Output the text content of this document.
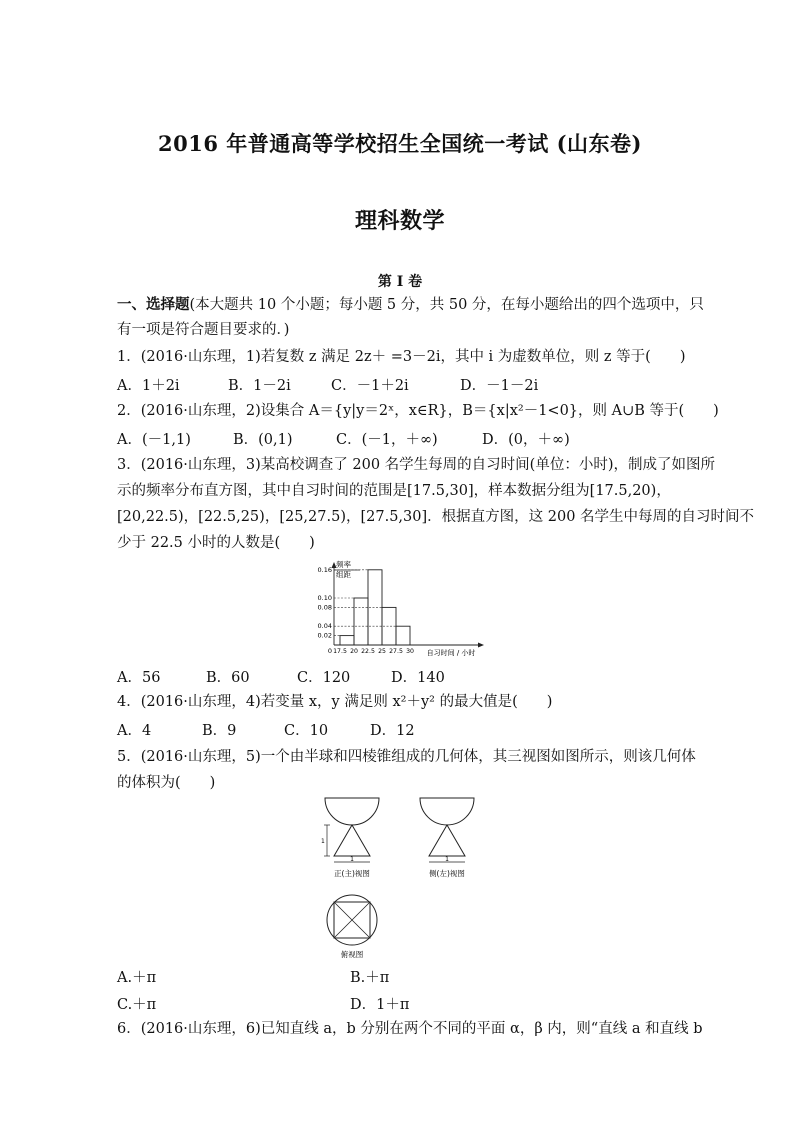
2016 年普通高等学校招生全国统一考试 (山东卷)
理科数学
第 Ⅰ 卷
一、选择题(本大题共 10 个小题；每小题 5 分，共 50 分，在每小题给出的四个选项中，只
有一项是符合题目要求的．)
1．(2016·山东理，1)若复数 z 满足 2z＋ =3－2i，其中 i 为虚数单位，则 z 等于(　　)
A．1＋2i	B．1－2i	C．－1＋2i	D．－1－2i
2．(2016·山东理，2)设集合 A＝{y|y＝2ˣ，x∈R}，B＝{x|x²－1<0}，则 A∪B 等于(　　)
A．(－1,1)	B．(0,1)	C．(－1，＋∞)	D．(0，＋∞)
3．(2016·山东理，3)某高校调查了 200 名学生每周的自习时间(单位：小时)，制成了如图所
示的频率分布直方图，其中自习时间的范围是[17.5,30]，样本数据分组为[17.5,20)，
[20,22.5)，[22.5,25)，[25,27.5)，[27.5,30]．根据直方图，这 200 名学生中每周的自习时间不
少于 22.5 小时的人数是(　　)
频率
组距
自习时间 / 小时
0
0.16
0.10
0.08
0.04
0.02
17.5 20 22.5 25 27.5 30
A．56	B．60	C．120	D．140
4．(2016·山东理，4)若变量 x，y 满足则 x²＋y² 的最大值是(　　)
A．4	B．9	C．10	D．12
5．(2016·山东理，5)一个由半球和四棱锥组成的几何体，其三视图如图所示，则该几何体
的体积为(　　)
1
1
正(主)视图
1
侧(左)视图
俯视图
A.＋π	B.＋π
C.＋π	D．1＋π
6．(2016·山东理，6)已知直线 a，b 分别在两个不同的平面 α，β 内，则“直线 a 和直线 b
